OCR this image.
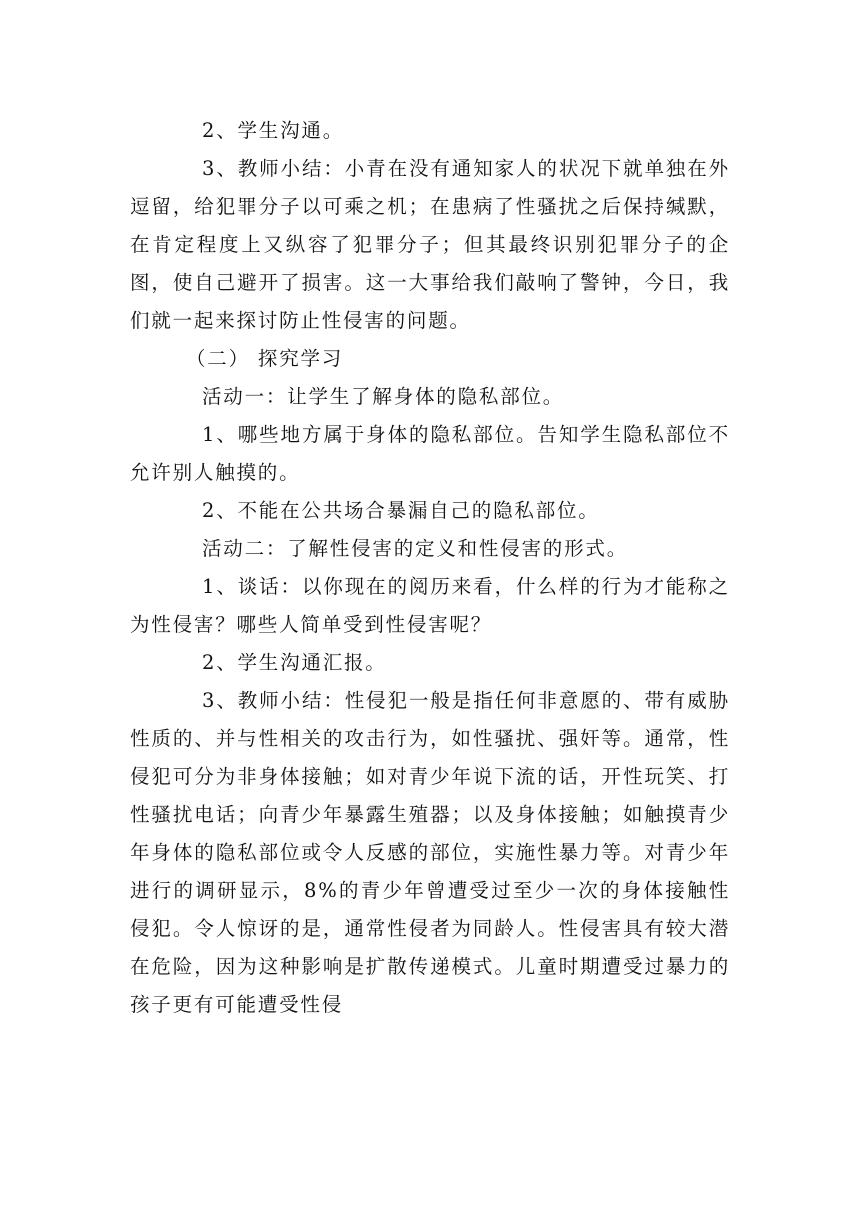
2、学生沟通。

3、教师小结：小青在没有通知家人的状况下就单独在外逗留，给犯罪分子以可乘之机；在患病了性骚扰之后保持缄默，在肯定程度上又纵容了犯罪分子；但其最终识别犯罪分子的企图，使自己避开了损害。这一大事给我们敲响了警钟，今日，我们就一起来探讨防止性侵害的问题。

（二） 探究学习

活动一：让学生了解身体的隐私部位。

1、哪些地方属于身体的隐私部位。告知学生隐私部位不允许别人触摸的。

2、不能在公共场合暴漏自己的隐私部位。

活动二：了解性侵害的定义和性侵害的形式。

1、谈话：以你现在的阅历来看，什么样的行为才能称之为性侵害？哪些人简单受到性侵害呢？

2、学生沟通汇报。

3、教师小结：性侵犯一般是指任何非意愿的、带有威胁性质的、并与性相关的攻击行为，如性骚扰、强奸等。通常，性侵犯可分为非身体接触；如对青少年说下流的话，开性玩笑、打性骚扰电话；向青少年暴露生殖器；以及身体接触；如触摸青少年身体的隐私部位或令人反感的部位，实施性暴力等。对青少年进行的调研显示，8%的青少年曾遭受过至少一次的身体接触性侵犯。令人惊讶的是，通常性侵者为同龄人。性侵害具有较大潜在危险，因为这种影响是扩散传递模式。儿童时期遭受过暴力的孩子更有可能遭受性侵
